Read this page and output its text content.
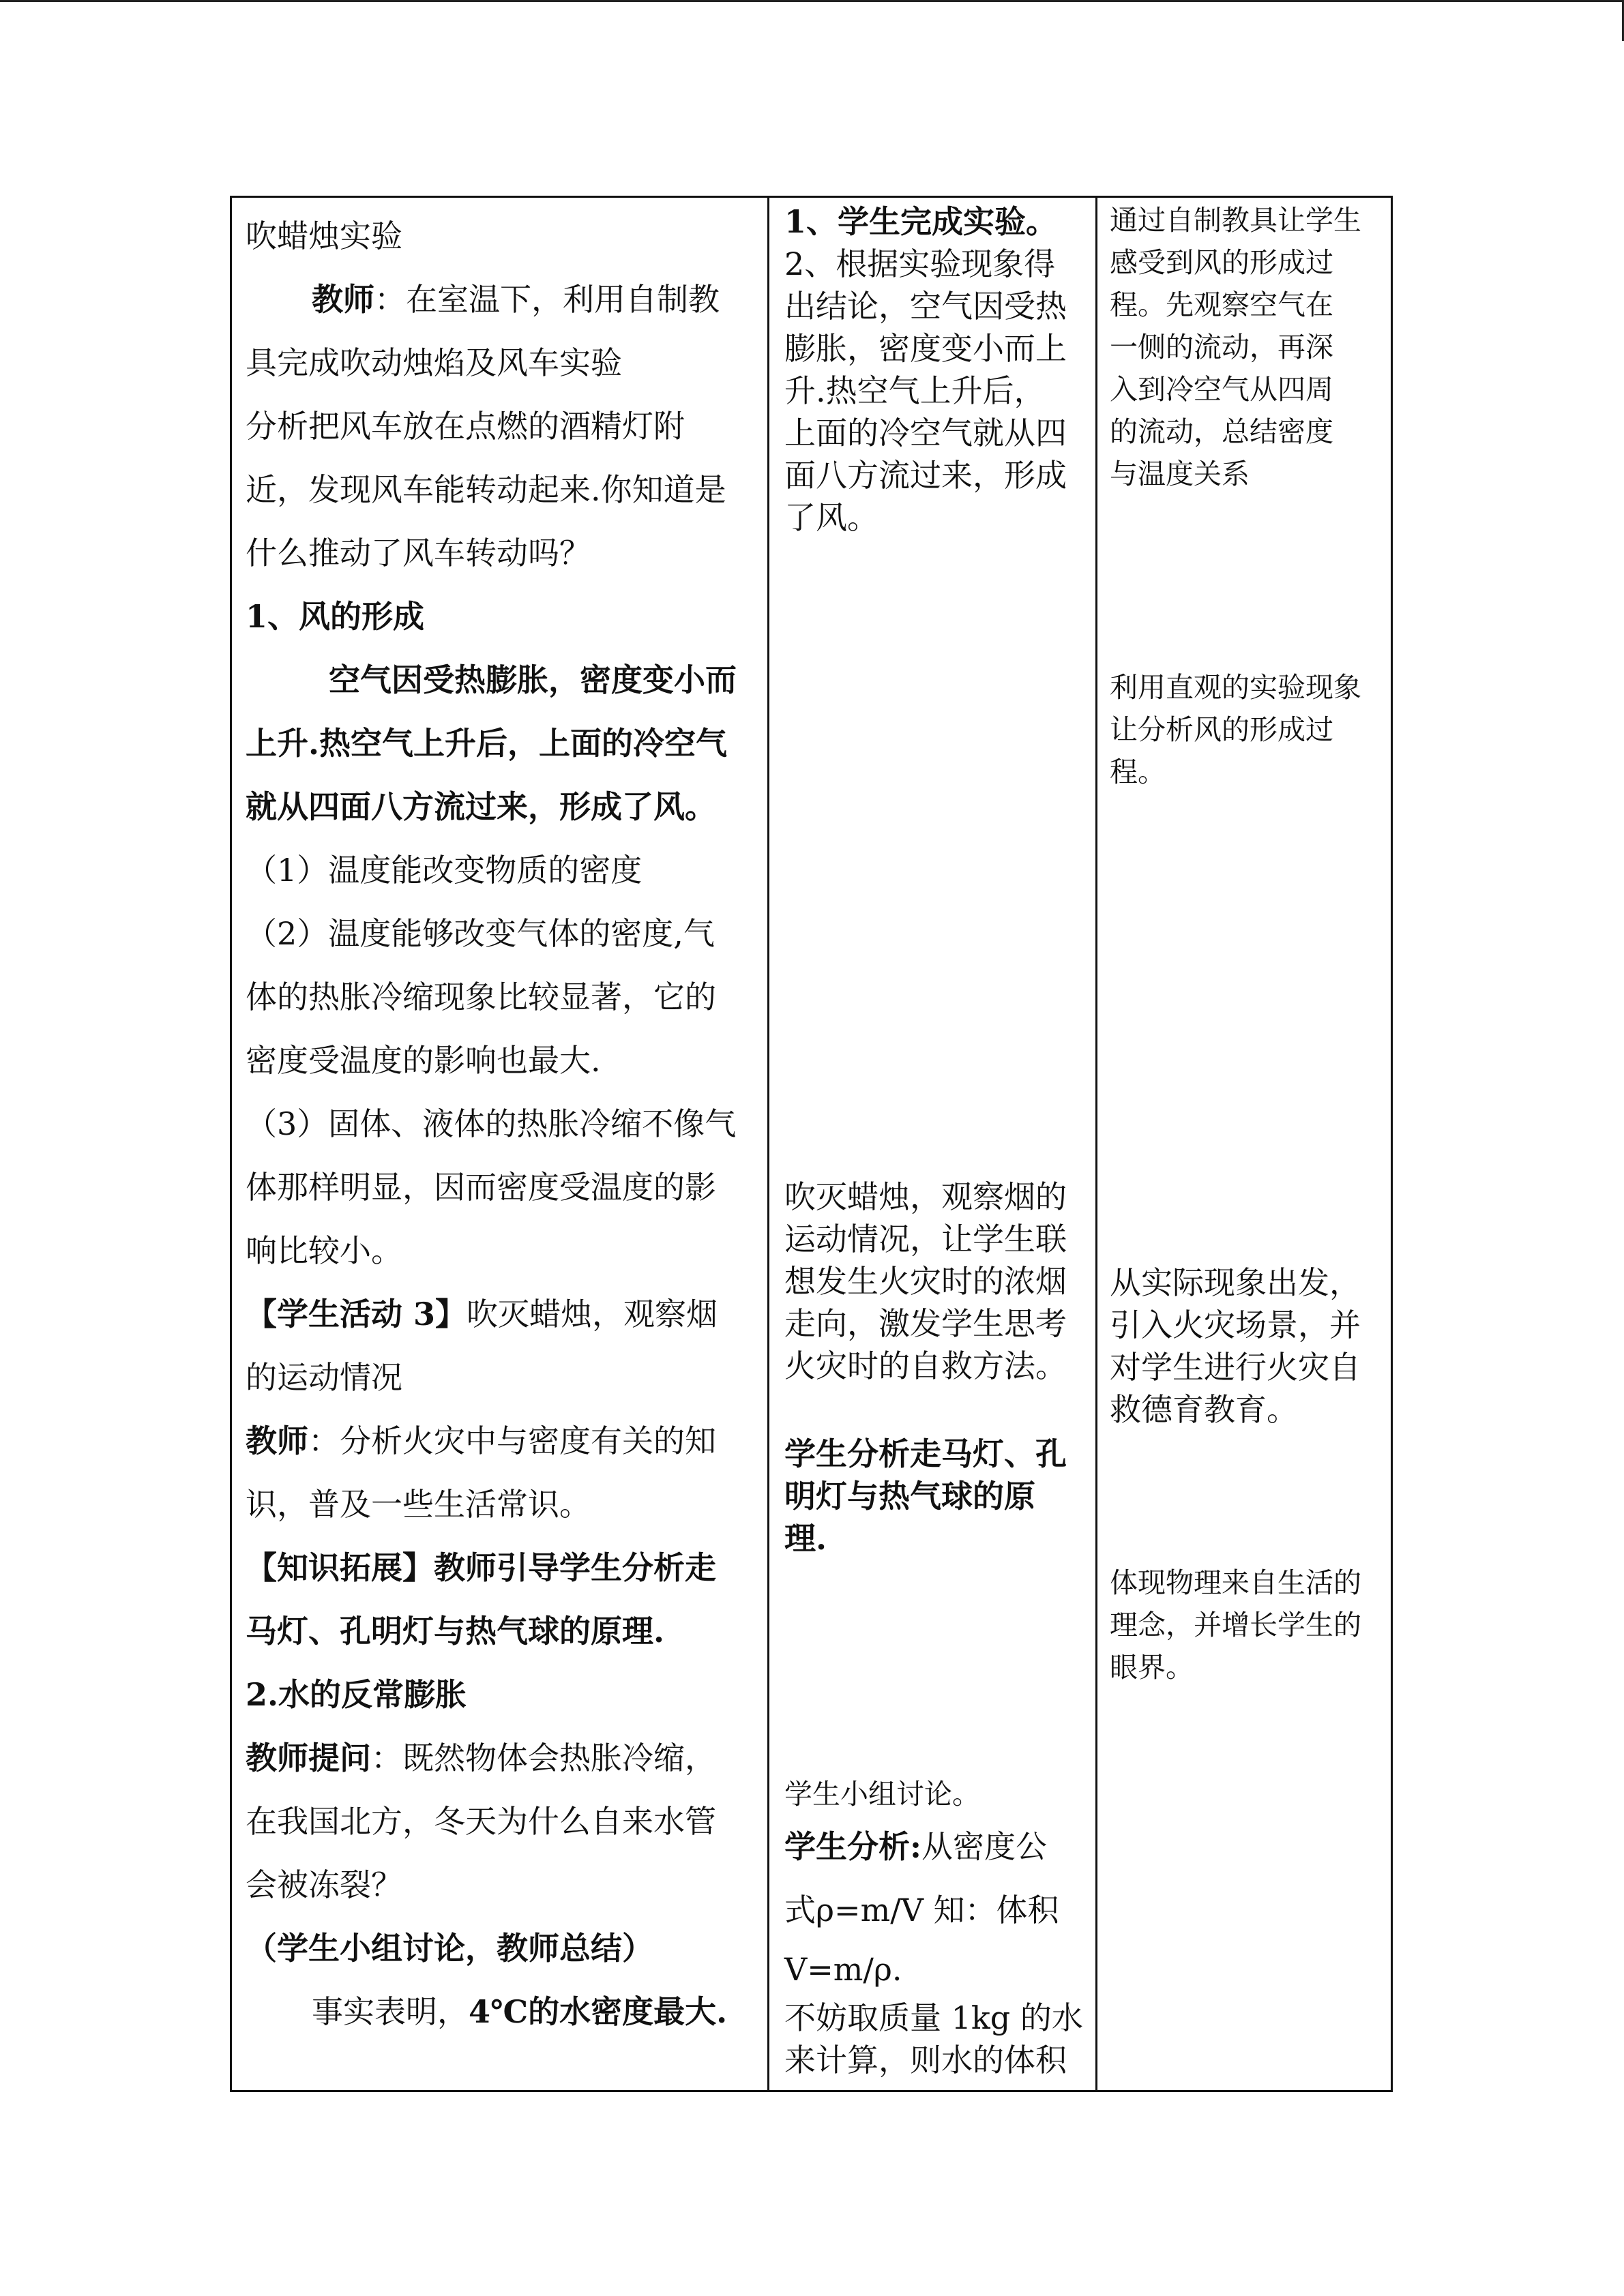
吹蜡烛实验
教师：在室温下，利用自制教
具完成吹动烛焰及风车实验
分析把风车放在点燃的酒精灯附
近，发现风车能转动起来.你知道是
什么推动了风车转动吗？
1、风的形成
空气因受热膨胀，密度变小而
上升.热空气上升后，上面的冷空气
就从四面八方流过来，形成了风。
（1）温度能改变物质的密度
（2）温度能够改变气体的密度,气
体的热胀冷缩现象比较显著，它的
密度受温度的影响也最大.
（3）固体、液体的热胀冷缩不像气
体那样明显，因而密度受温度的影
响比较小。
【学生活动 3】吹灭蜡烛，观察烟
的运动情况
教师：分析火灾中与密度有关的知
识，普及一些生活常识。
【知识拓展】教师引导学生分析走
马灯、孔明灯与热气球的原理.
2.水的反常膨胀
教师提问：既然物体会热胀冷缩，
在我国北方，冬天为什么自来水管
会被冻裂？
（学生小组讨论，教师总结）
事实表明，4℃的水密度最大.
1、学生完成实验。
2、根据实验现象得
出结论，空气因受热
膨胀，密度变小而上
升.热空气上升后，
上面的冷空气就从四
面八方流过来，形成
了风。
吹灭蜡烛，观察烟的
运动情况，让学生联
想发生火灾时的浓烟
走向，激发学生思考
火灾时的自救方法。
学生分析走马灯、孔
明灯与热气球的原
理.
学生小组讨论。
学生分析:从密度公
式ρ=m/V 知：体积
V=m/ρ.
不妨取质量 1kg 的水
来计算，则水的体积
通过自制教具让学生
感受到风的形成过
程。先观察空气在
一侧的流动，再深
入到冷空气从四周
的流动，总结密度
与温度关系
利用直观的实验现象
让分析风的形成过
程。
从实际现象出发，
引入火灾场景，并
对学生进行火灾自
救德育教育。
体现物理来自生活的
理念，并增长学生的
眼界。
